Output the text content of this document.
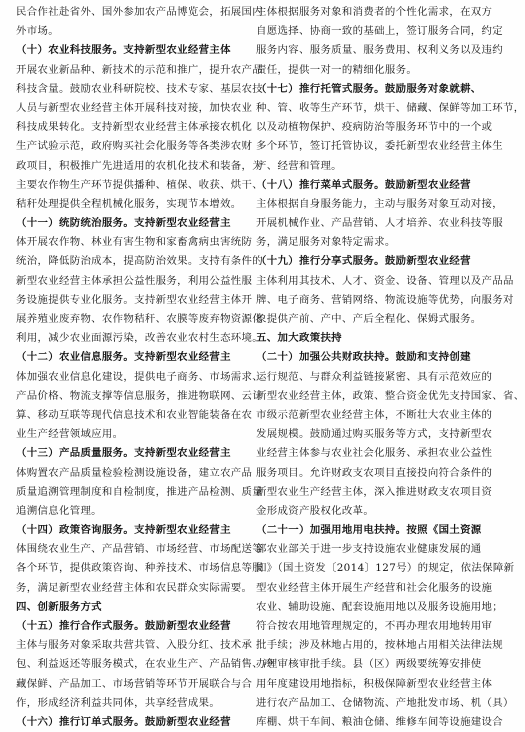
民合作社赴省外、国外参加农产品博览会，拓展国内
外市场。
（十）农业科技服务。支持新型农业经营主体
开展农业新品种、新技术的示范和推广，提升农产品
科技含量。鼓励农业科研院校、技术专家、基层农技
人员与新型农业经营主体开展科技对接，加快农业
科技成果转化。支持新型农业经营主体承接农机化
生产试验示范，政府购买社会化服务等各类涉农财
政项目，积极推广先进适用的农机化技术和装备，为
主要农作物生产环节提供播种、植保、收获、烘干、
秸秆处理提供全程机械化服务，实现节本增效。
（十一）统防统治服务。支持新型农业经营主
体开展农作物、林业有害生物和家畜禽病虫害统防
统治，降低防治成本，提高防治效果。支持有条件的
新型农业经营主体承担公益性服务，利用公益性服
务设施提供专业化服务。支持新型农业经营主体开
展养殖业废弃物、农作物秸秆、农膜等废弃物资源化
利用，减少农业面源污染，改善农业农村生态环境。
（十二）农业信息服务。支持新型农业经营主
体加强农业信息化建设，提供电子商务、市场需求、
产品价格、物流支撑等信息服务，推进物联网、云计
算、移动互联等现代信息技术和农业智能装备在农
业生产经营领域应用。
（十三）产品质量服务。支持新型农业经营主
体购置农产品质量检验检测设施设备，建立农产品
质量追溯管理制度和自检制度，推进产品检测、质量
追溯信息化管理。
（十四）政策咨询服务。支持新型农业经营主
体围绕农业生产、产品营销、市场经营、市场配送等
各个环节，提供政策咨询、种养技术、市场信息等服
务，满足新型农业经营主体和农民群众实际需要。
四、创新服务方式
（十五）推行合作式服务。鼓励新型农业经营
主体与服务对象采取共营共管、入股分红、技术承
包、利益返还等服务模式，在农业生产、产品销售、冷
藏保鲜、产品加工、市场营销等环节开展联合与合
作，形成经济利益共同体，共享经营成果。
（十六）推行订单式服务。鼓励新型农业经营
主体根据服务对象和消费者的个性化需求，在双方
自愿选择、协商一致的基础上，签订服务合同，约定
服务内容、服务质量、服务费用、权利义务以及违约
责任，提供一对一的精细化服务。
（十七）推行托管式服务。鼓励服务对象就耕、
种、管、收等生产环节，烘干、储藏、保鲜等加工环节，
以及动植物保护、疫病防治等服务环节中的一个或
多个环节，签订托管协议，委托新型农业经营主体生
产、经营和管理。
（十八）推行菜单式服务。鼓励新型农业经营
主体根据自身服务能力，主动与服务对象互动对接，
开展机械作业、产品营销、人才培养、农业科技等服
务，满足服务对象特定需求。
（十九）推行分享式服务。鼓励新型农业经营
主体利用其技术、人才、资金、设备、管理以及产品品
牌、电子商务、营销网络、物流设施等优势，向服务对
象提供产前、产中、产后全程化、保姆式服务。
五、加大政策扶持
（二十）加强公共财政扶持。鼓励和支持创建
运行规范、与群众利益链接紧密、具有示范效应的
新型农业经营主体，政策、整合资金优先支持国家、省、
市级示范新型农业经营主体，不断壮大农业主体的
发展规模。鼓励通过购买服务等方式，支持新型农
业经营主体参与农业社会化服务、承担农业公益性
服务项目。允许财政支农项目直接投向符合条件的
新型农业生产经营主体，深入推进财政支农项目资
金形成资产股权化改革。
（二十一）加强用地用电扶持。按照《国土资源
部农业部关于进一步支持设施农业健康发展的通
知》（国土资发〔2014〕127号）的规定，依法保障新
型农业经营主体开展生产经营和社会化服务的设施
农业、辅助设施、配套设施用地以及服务设施用地；
符合按农用地管理规定的，不再办理农用地转用审
批手续；涉及林地占用的，按林地占用相关法律法规
办理审核审批手续。县（区）两级要统筹安排使
用年度建设用地指标，积极保障新型农业经营主体
进行农产品加工、仓储物流、产地批发市场、机（具）
库棚、烘干车间、粮油仓储、维修车间等设施建设合
